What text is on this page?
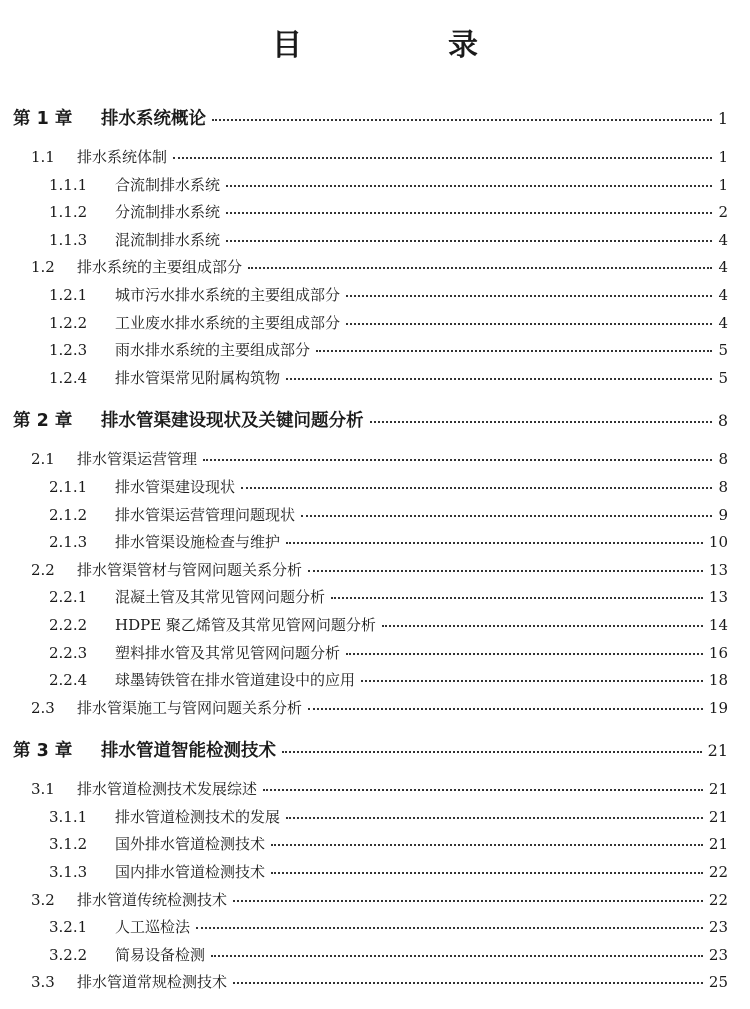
目　录
第 1 章	排水系统概论	1
1.1	排水系统体制	1
1.1.1	合流制排水系统	1
1.1.2	分流制排水系统	2
1.1.3	混流制排水系统	4
1.2	排水系统的主要组成部分	4
1.2.1	城市污水排水系统的主要组成部分	4
1.2.2	工业废水排水系统的主要组成部分	4
1.2.3	雨水排水系统的主要组成部分	5
1.2.4	排水管渠常见附属构筑物	5
第 2 章	排水管渠建设现状及关键问题分析	8
2.1	排水管渠运营管理	8
2.1.1	排水管渠建设现状	8
2.1.2	排水管渠运营管理问题现状	9
2.1.3	排水管渠设施检查与维护	10
2.2	排水管渠管材与管网问题关系分析	13
2.2.1	混凝土管及其常见管网问题分析	13
2.2.2	HDPE 聚乙烯管及其常见管网问题分析	14
2.2.3	塑料排水管及其常见管网问题分析	16
2.2.4	球墨铸铁管在排水管道建设中的应用	18
2.3	排水管渠施工与管网问题关系分析	19
第 3 章	排水管道智能检测技术	21
3.1	排水管道检测技术发展综述	21
3.1.1	排水管道检测技术的发展	21
3.1.2	国外排水管道检测技术	21
3.1.3	国内排水管道检测技术	22
3.2	排水管道传统检测技术	22
3.2.1	人工巡检法	23
3.2.2	简易设备检测	23
3.3	排水管道常规检测技术	25
